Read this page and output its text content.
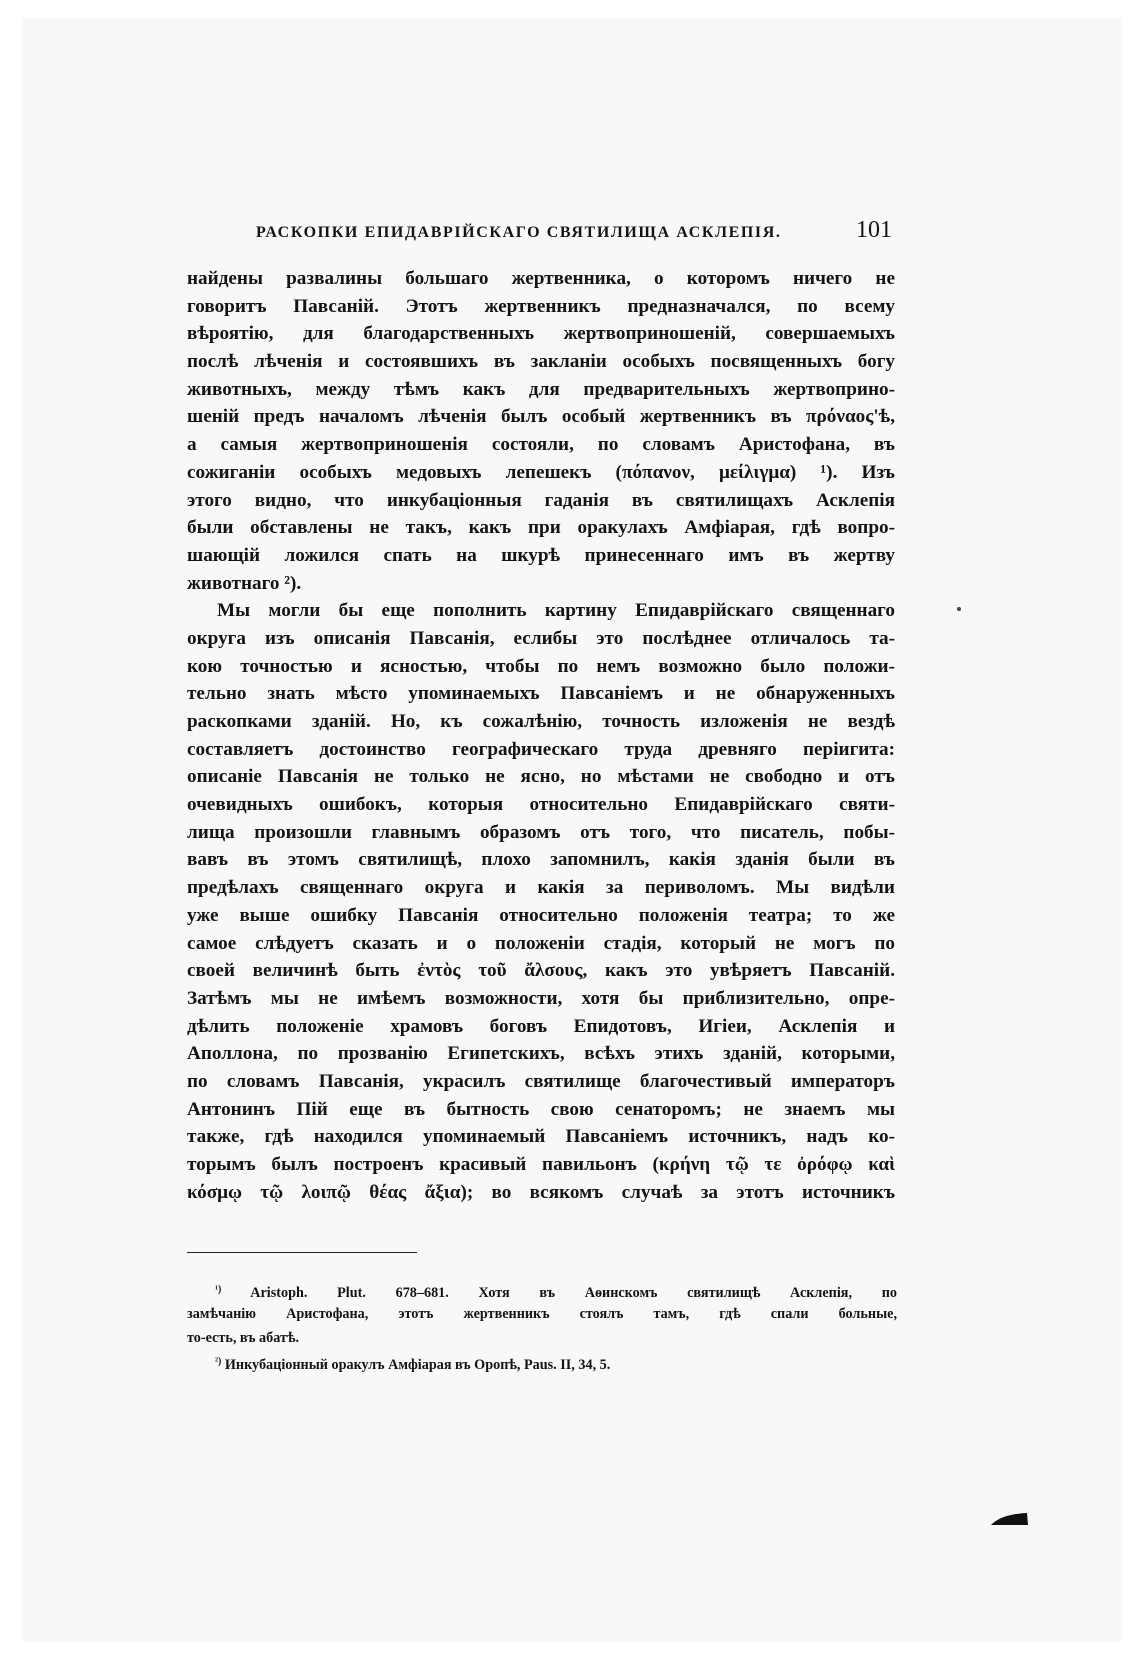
РАСКОПКИ ЕПИДАВРІЙСКАГО СВЯТИЛИЩА АСКЛЕПІЯ.	101
найдены развалины большаго жертвенника, о которомъ ничего не
говоритъ Павсаній. Этотъ жертвенникъ предназначался, по всему
вѣроятію, для благодарственныхъ жертвоприношеній, совершаемыхъ
послѣ лѣченія и состоявшихъ въ закланіи особыхъ посвященныхъ богу
животныхъ, между тѣмъ какъ для предварительныхъ жертвоприно-
шеній предъ началомъ лѣченія былъ особый жертвенникъ въ πρόναος'ѣ,
а самыя жертвоприношенія состояли, по словамъ Аристофана, въ
сожиганіи особыхъ медовыхъ лепешекъ (πόπανον, μείλιγμα) ¹). Изъ
этого видно, что инкубаціонныя гаданія въ святилищахъ Асклепія
были обставлены не такъ, какъ при оракулахъ Амфіарая, гдѣ вопро-
шающій ложился спать на шкурѣ принесеннаго имъ въ жертву
животнаго ²).
Мы могли бы еще пополнить картину Епидаврійскаго священнаго
округа изъ описанія Павсанія, еслибы это послѣднее отличалось та-
кою точностью и ясностью, чтобы по немъ возможно было положи-
тельно знать мѣсто упоминаемыхъ Павсаніемъ и не обнаруженныхъ
раскопками зданій. Но, къ сожалѣнію, точность изложенія не вездѣ
составляетъ достоинство географическаго труда древняго періигита:
описаніе Павсанія не только не ясно, но мѣстами не свободно и отъ
очевидныхъ ошибокъ, которыя относительно Епидаврійскаго святи-
лища произошли главнымъ образомъ отъ того, что писатель, побы-
вавъ въ этомъ святилищѣ, плохо запомнилъ, какія зданія были въ
предѣлахъ священнаго округа и какія за периволомъ. Мы видѣли
уже выше ошибку Павсанія относительно положенія театра; то же
самое слѣдуетъ сказать и о положеніи стадія, который не могъ по
своей величинѣ быть ἐντὸς τοῦ ἄλσους, какъ это увѣряетъ Павсаній.
Затѣмъ мы не имѣемъ возможности, хотя бы приблизительно, опре-
дѣлить положеніе храмовъ боговъ Епидотовъ, Игіеи, Асклепія и
Аполлона, по прозванію Египетскихъ, всѣхъ этихъ зданій, которыми,
по словамъ Павсанія, украсилъ святилище благочестивый императоръ
Антонинъ Пій еще въ бытность свою сенаторомъ; не знаемъ мы
также, гдѣ находился упоминаемый Павсаніемъ источникъ, надъ ко-
торымъ былъ построенъ красивый павильонъ (κρήνη τῷ τε ὀρόφῳ καὶ
κόσμῳ τῷ λοιπῷ θέας ἄξια); во всякомъ случаѣ за этотъ источникъ
$^{^1)}$ Aristoph. Plut. 678–681. Хотя въ Аѳинскомъ святилищѣ Асклепія, по
замѣчанію Аристофана, этотъ жертвенникъ стоялъ тамъ, гдѣ спали больные,
то-есть, въ абатѣ.
$^{^2)}$ Инкубаціонный оракулъ Амфіарая въ Оропѣ, Paus. II, 34, 5.
